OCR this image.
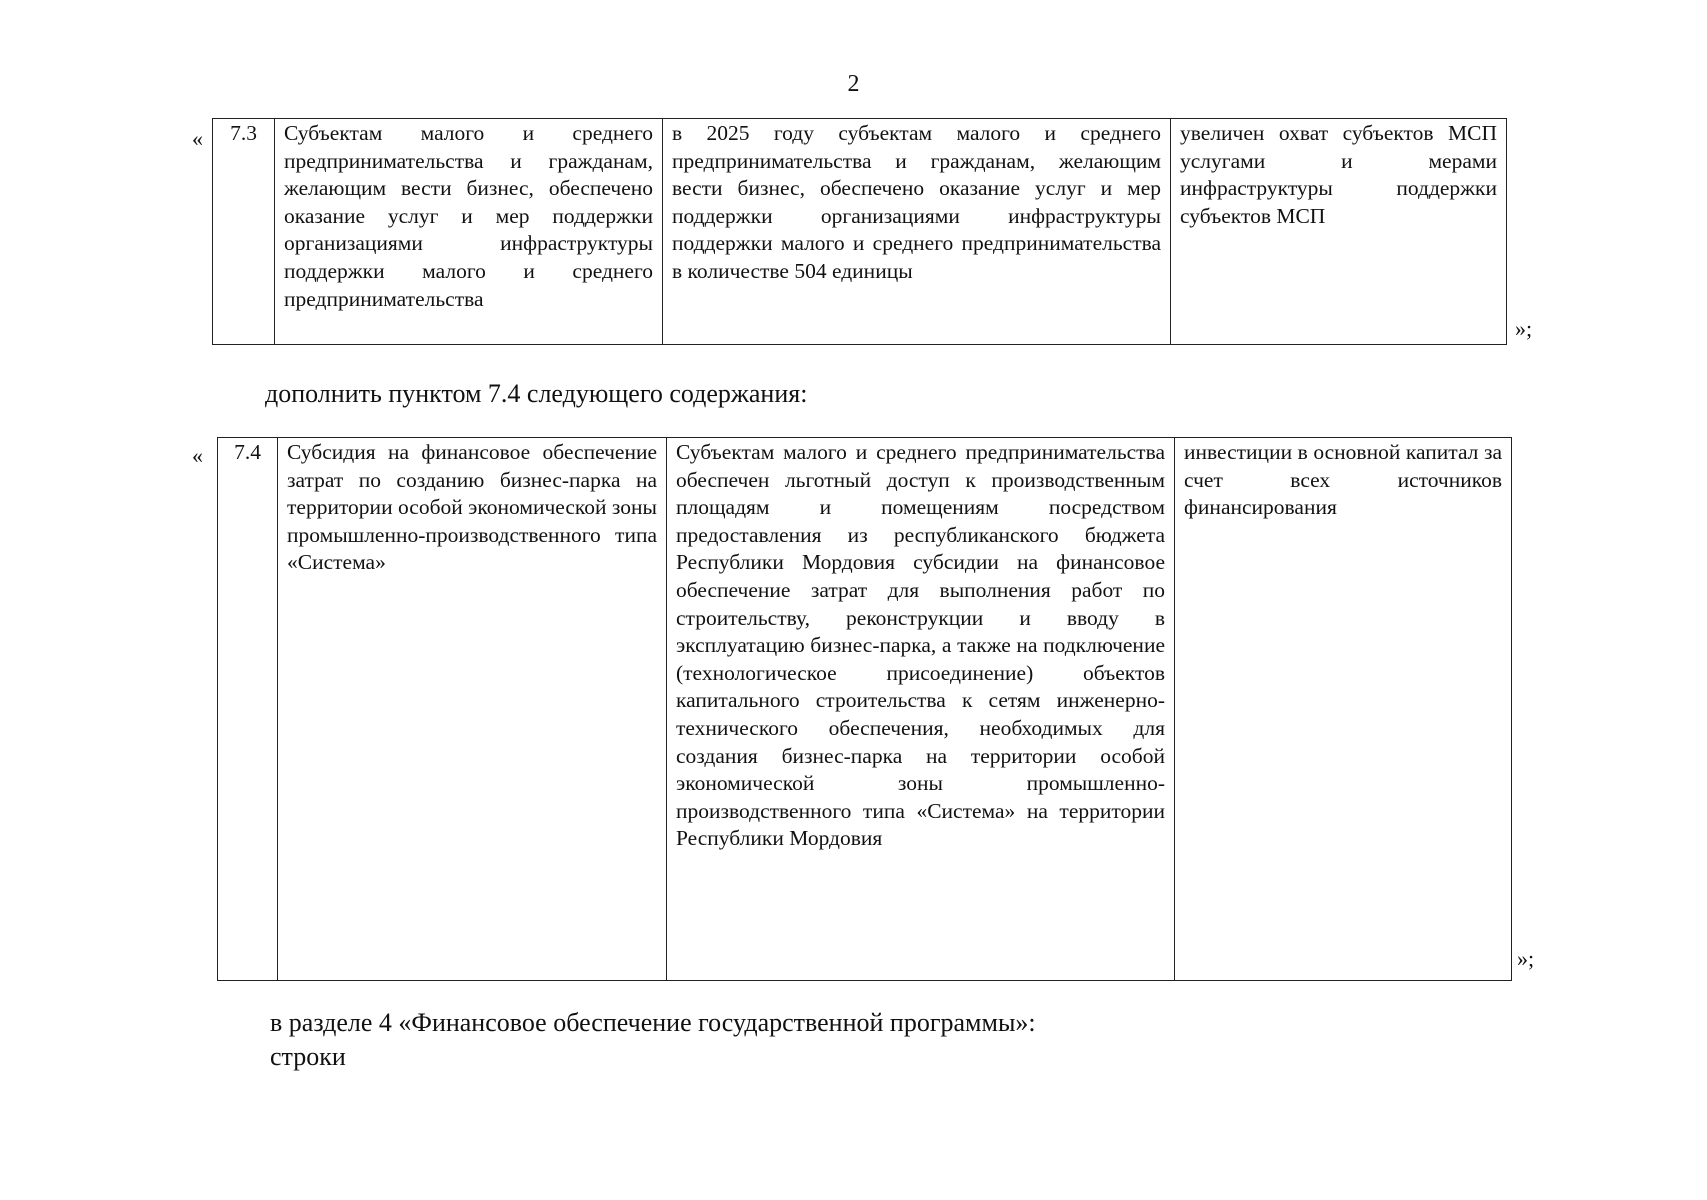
2
« 7.3	Субъектам малого и среднего предпринимательства и гражданам, желающим вести бизнес, обеспечено оказание услуг и мер поддержки организациями инфраструктуры поддержки малого и среднего предпринимательства	в 2025 году субъектам малого и среднего предпринимательства и гражданам, желающим вести бизнес, обеспечено оказание услуг и мер поддержки организациями инфраструктуры поддержки малого и среднего предпринимательства в количестве 504 единицы	увеличен охват субъектов МСП услугами и мерами инфраструктуры поддержки субъектов МСП
»;
дополнить пунктом 7.4 следующего содержания:
« 7.4	Субсидия на финансовое обеспечение затрат по созданию бизнес-парка на территории особой экономической зоны промышленно-производственного типа «Система»	Субъектам малого и среднего предпринимательства обеспечен льготный доступ к производственным площадям и помещениям посредством предоставления из республиканского бюджета Республики Мордовия субсидии на финансовое обеспечение затрат для выполнения работ по строительству, реконструкции и вводу в эксплуатацию бизнес-парка, а также на подключение (технологическое присоединение) объектов капитального строительства к сетям инженерно-технического обеспечения, необходимых для создания бизнес-парка на территории особой экономической зоны промышленно-производственного типа «Система» на территории Республики Мордовия	инвестиции в основной капитал за счет всех источников финансирования
»;
в разделе 4 «Финансовое обеспечение государственной программы»:
строки
